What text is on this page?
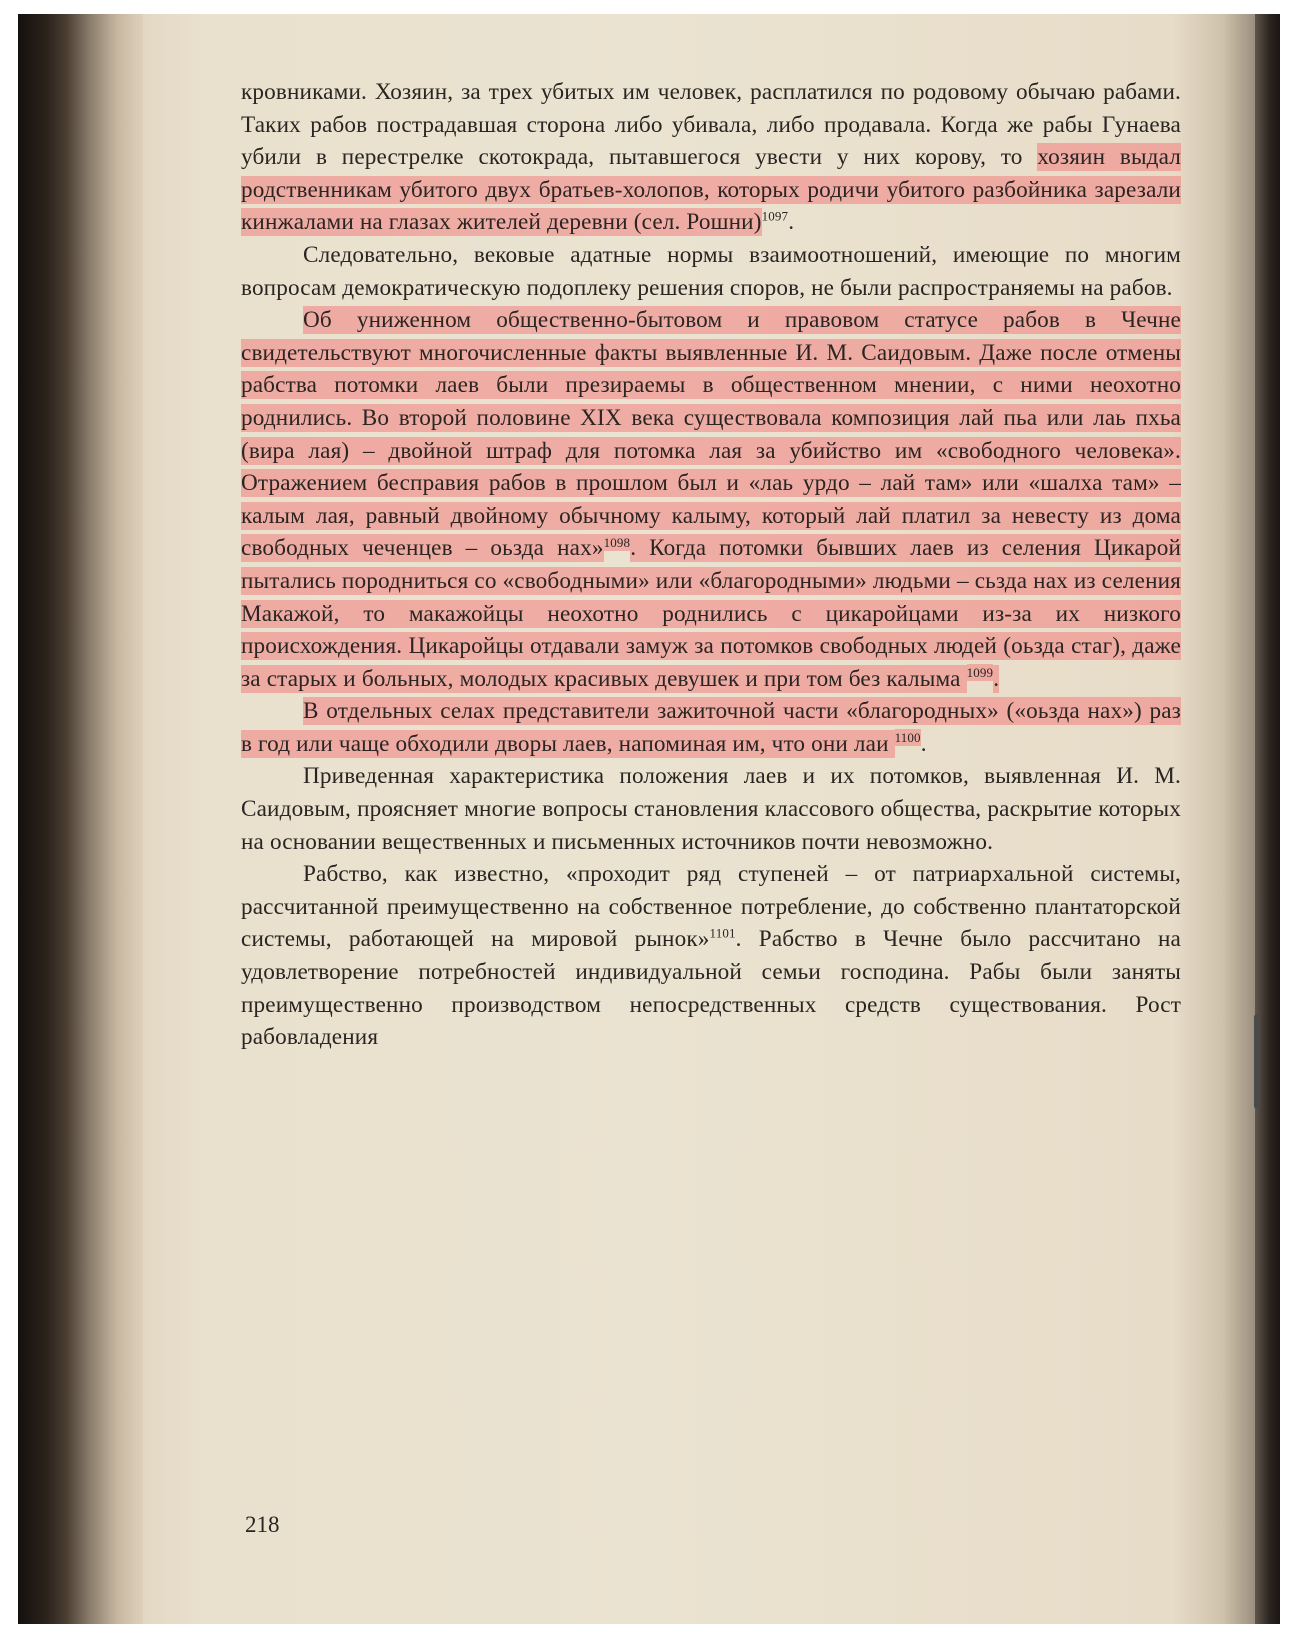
кровниками. Хозяин, за трех убитых им человек, расплатился по родовому обычаю рабами. Таких рабов пострадавшая сторона либо убивала, либо продавала. Когда же рабы Гунаева убили в перестрелке скотокрада, пытавшегося увести у них корову, то хозяин выдал родственникам убитого двух братьев-холопов, которых родичи убитого разбойника зарезали кинжалами на глазах жителей деревни (сел. Рошни)$^{1097}$.

Следовательно, вековые адатные нормы взаимоотношений, имеющие по многим вопросам демократическую подоплеку решения споров, не были распространяемы на рабов.

Об униженном общественно-бытовом и правовом статусе рабов в Чечне свидетельствуют многочисленные факты выявленные И. М. Саидовым. Даже после отмены рабства потомки лаев были презираемы в общественном мнении, с ними неохотно роднились. Во второй половине XIX века существовала композиция лай пьа или лаь пхьа (вира лая) – двойной штраф для потомка лая за убийство им «свободного человека». Отражением бесправия рабов в прошлом был и «лаь урдо – лай там» или «шалха там» – калым лая, равный двойному обычному калыму, который лай платил за невесту из дома свободных чеченцев – оьзда нах»$^{1098}$. Когда потомки бывших лаев из селения Цикарой пытались породниться со «свободными» или «благородными» людьми – сьзда нах из селения Макажой, то макажойцы неохотно роднились с цикаройцами из-за их низкого происхождения. Цикаройцы отдавали замуж за потомков свободных людей (оьзда стаг), даже за старых и больных, молодых красивых девушек и при том без калыма $^{1099}$.

В отдельных селах представители зажиточной части «благородных» («оьзда нах») раз в год или чаще обходили дворы лаев, напоминая им, что они лаи $^{1100}$.

Приведенная характеристика положения лаев и их потомков, выявленная И. М. Саидовым, проясняет многие вопросы становления классового общества, раскрытие которых на основании вещественных и письменных источников почти невозможно.

Рабство, как известно, «проходит ряд ступеней – от патриархальной системы, рассчитанной преимущественно на собственное потребление, до собственно плантаторской системы, работающей на мировой рынок»$^{1101}$. Рабство в Чечне было рассчитано на удовлетворение потребностей индивидуальной семьи господина. Рабы были заняты преимущественно производством непосредственных средств существования. Рост рабовладения

218
